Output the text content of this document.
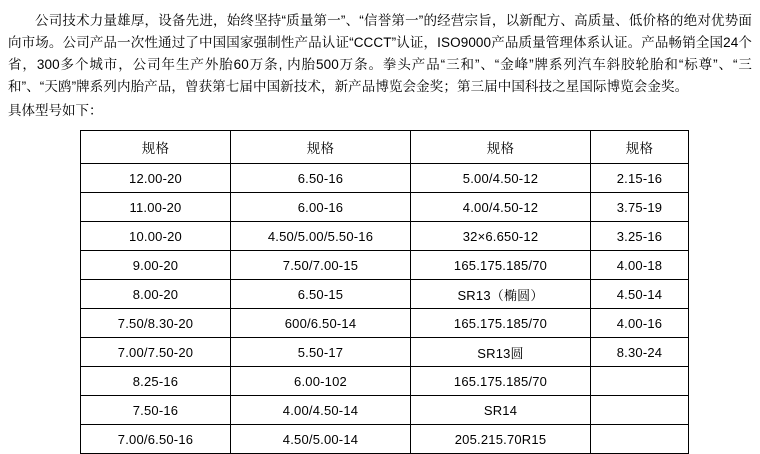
公司技术力量雄厚，设备先进，始终坚持“质量第一”、“信誉第一”的经营宗旨，以新配方、高质量、低价格的绝对优势面向市场。公司产品一次性通过了中国国家强制性产品认证“CCCT”认证，ISO9000产品质量管理体系认证。产品畅销全国24个省，300多个城市，公司年生产外胎60万条, 内胎500万条。拳头产品“三和”、“金峰”牌系列汽车斜胶轮胎和“标尊”、“三和”、“天鸥”牌系列内胎产品，曾获第七届中国新技术，新产品博览会金奖；第三届中国科技之星国际博览会金奖。

具体型号如下：

规格	规格	规格	规格
12.00-20	6.50-16	5.00/4.50-12	2.15-16
11.00-20	6.00-16	4.00/4.50-12	3.75-19
10.00-20	4.50/5.00/5.50-16	32×6.650-12	3.25-16
9.00-20	7.50/7.00-15	165.175.185/70	4.00-18
8.00-20	6.50-15	SR13（椭圆）	4.50-14
7.50/8.30-20	600/6.50-14	165.175.185/70	4.00-16
7.00/7.50-20	5.50-17	SR13圆	8.30-24
8.25-16	6.00-102	165.175.185/70	
7.50-16	4.00/4.50-14	SR14	
7.00/6.50-16	4.50/5.00-14	205.215.70R15	
